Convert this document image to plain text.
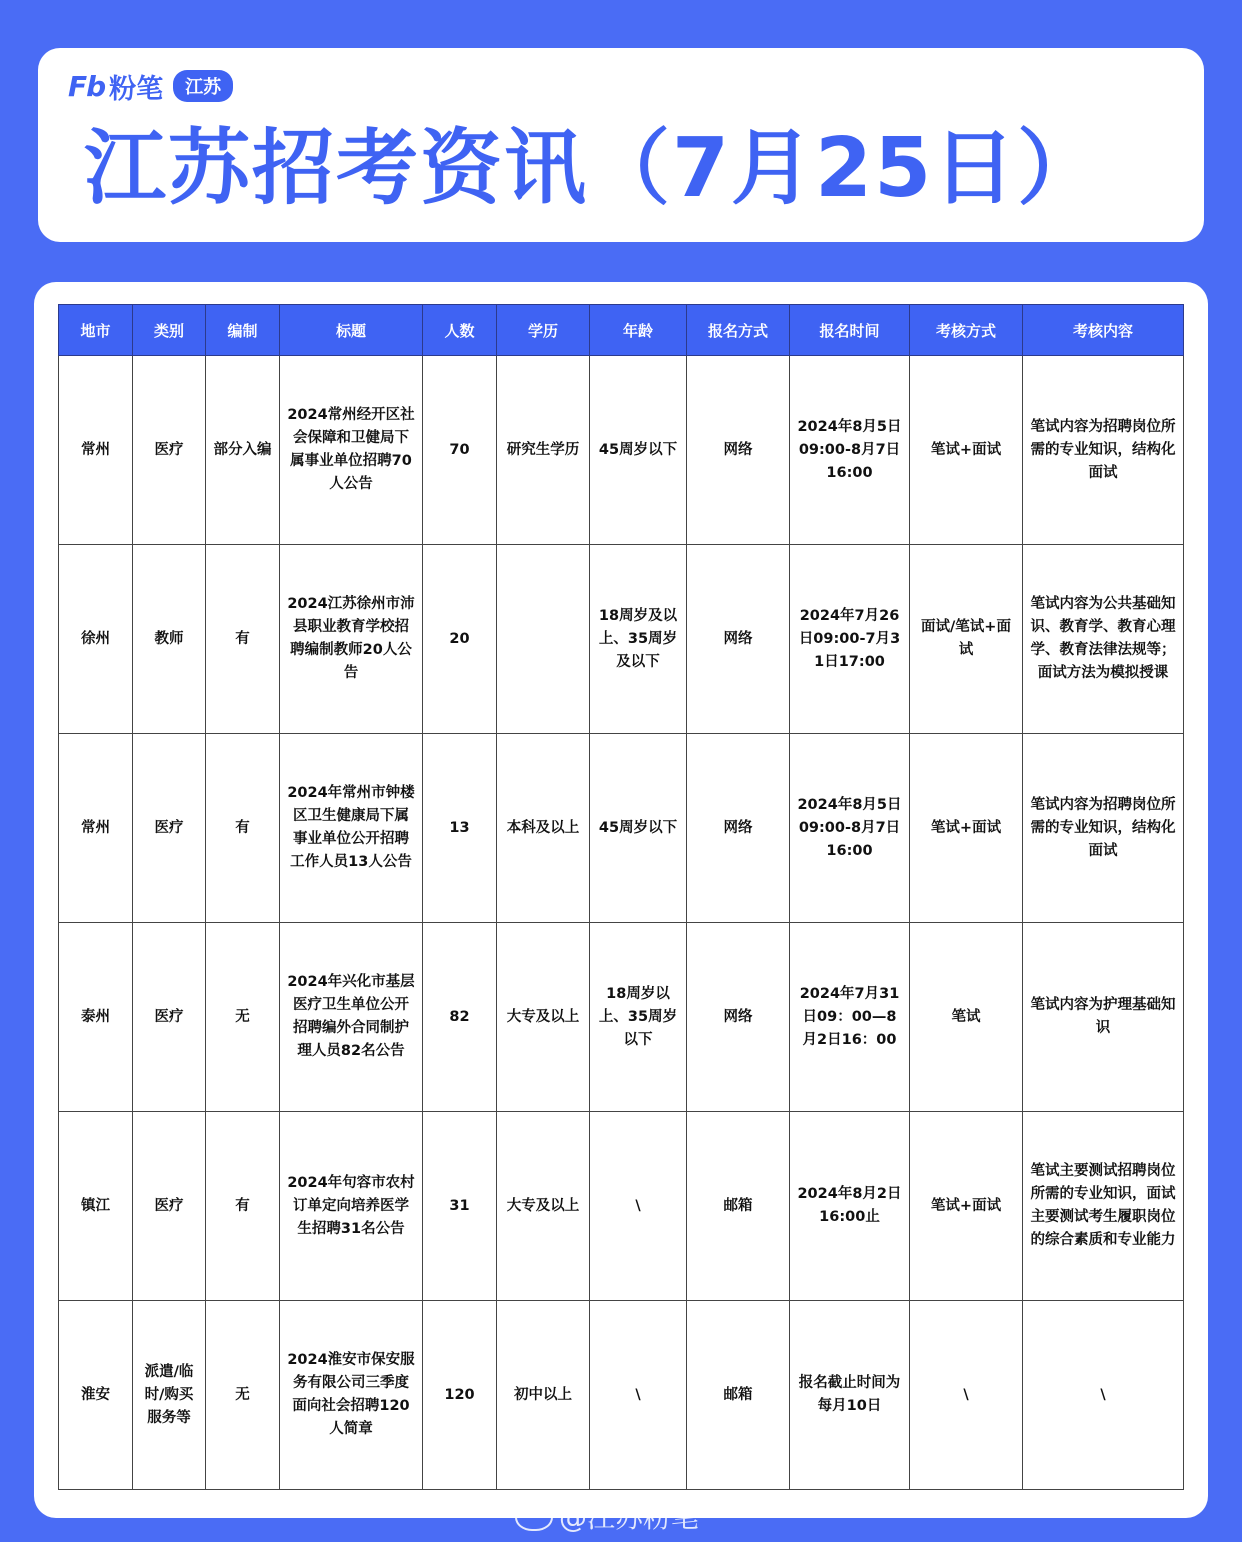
Fb 粉笔	江苏
江苏招考资讯（7月25日）
地市	类别	编制	标题	人数	学历	年龄	报名方式	报名时间	考核方式	考核内容
常州	医疗	部分入编	2024常州经开区社会保障和卫健局下属事业单位招聘70人公告	70	研究生学历	45周岁以下	网络	2024年8月5日09:00-8月7日16:00	笔试+面试	笔试内容为招聘岗位所需的专业知识，结构化面试
徐州	教师	有	2024江苏徐州市沛县职业教育学校招聘编制教师20人公告	20		18周岁及以上、35周岁及以下	网络	2024年7月26日09:00-7月31日17:00	面试/笔试+面试	笔试内容为公共基础知识、教育学、教育心理学、教育法律法规等；面试方法为模拟授课
常州	医疗	有	2024年常州市钟楼区卫生健康局下属事业单位公开招聘工作人员13人公告	13	本科及以上	45周岁以下	网络	2024年8月5日09:00-8月7日16:00	笔试+面试	笔试内容为招聘岗位所需的专业知识，结构化面试
泰州	医疗	无	2024年兴化市基层医疗卫生单位公开招聘编外合同制护理人员82名公告	82	大专及以上	18周岁以上、35周岁以下	网络	2024年7月31日09：00—8月2日16：00	笔试	笔试内容为护理基础知识
镇江	医疗	有	2024年句容市农村订单定向培养医学生招聘31名公告	31	大专及以上	\	邮箱	2024年8月2日16:00止	笔试+面试	笔试主要测试招聘岗位所需的专业知识，面试主要测试考生履职岗位的综合素质和专业能力
淮安	派遣/临时/购买服务等	无	2024淮安市保安服务有限公司三季度面向社会招聘120人简章	120	初中以上	\	邮箱	报名截止时间为每月10日	\	\
@江苏粉笔
